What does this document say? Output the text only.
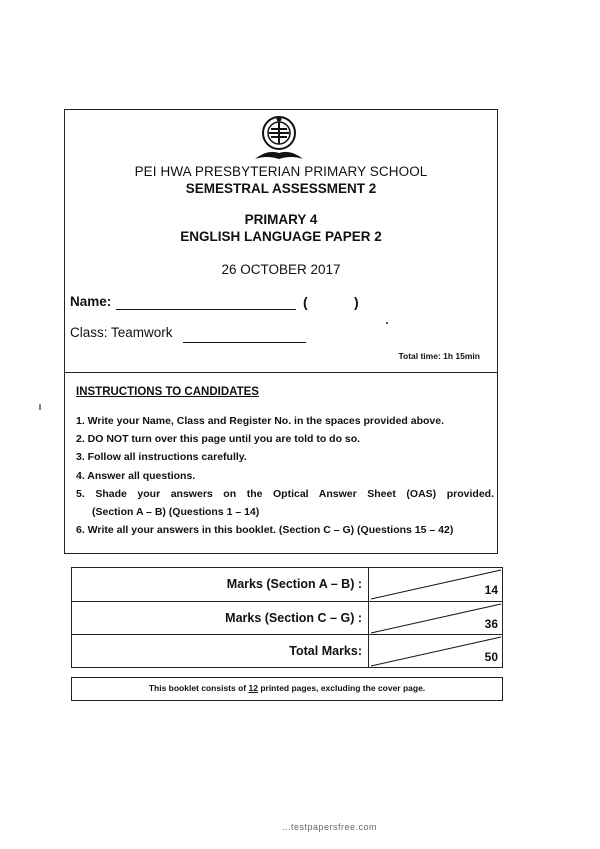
PEI HWA PRESBYTERIAN PRIMARY SCHOOL
SEMESTRAL ASSESSMENT 2
PRIMARY 4
ENGLISH LANGUAGE PAPER 2
26 OCTOBER 2017
Name:	(	)
Class: Teamwork
Total time: 1h 15min
INSTRUCTIONS TO CANDIDATES
1. Write your Name, Class and Register No. in the spaces provided above.
2. DO NOT turn over this page until you are told to do so.
3. Follow all instructions carefully.
4. Answer all questions.
5. Shade your answers on the Optical Answer Sheet (OAS) provided.
(Section A – B) (Questions 1 – 14)
6. Write all your answers in this booklet. (Section C – G) (Questions 15 – 42)
Marks (Section A – B) :	14
Marks (Section C – G) :	36
Total Marks:	50
This booklet consists of 12 printed pages, excluding the cover page.
...testpapersfree.com
